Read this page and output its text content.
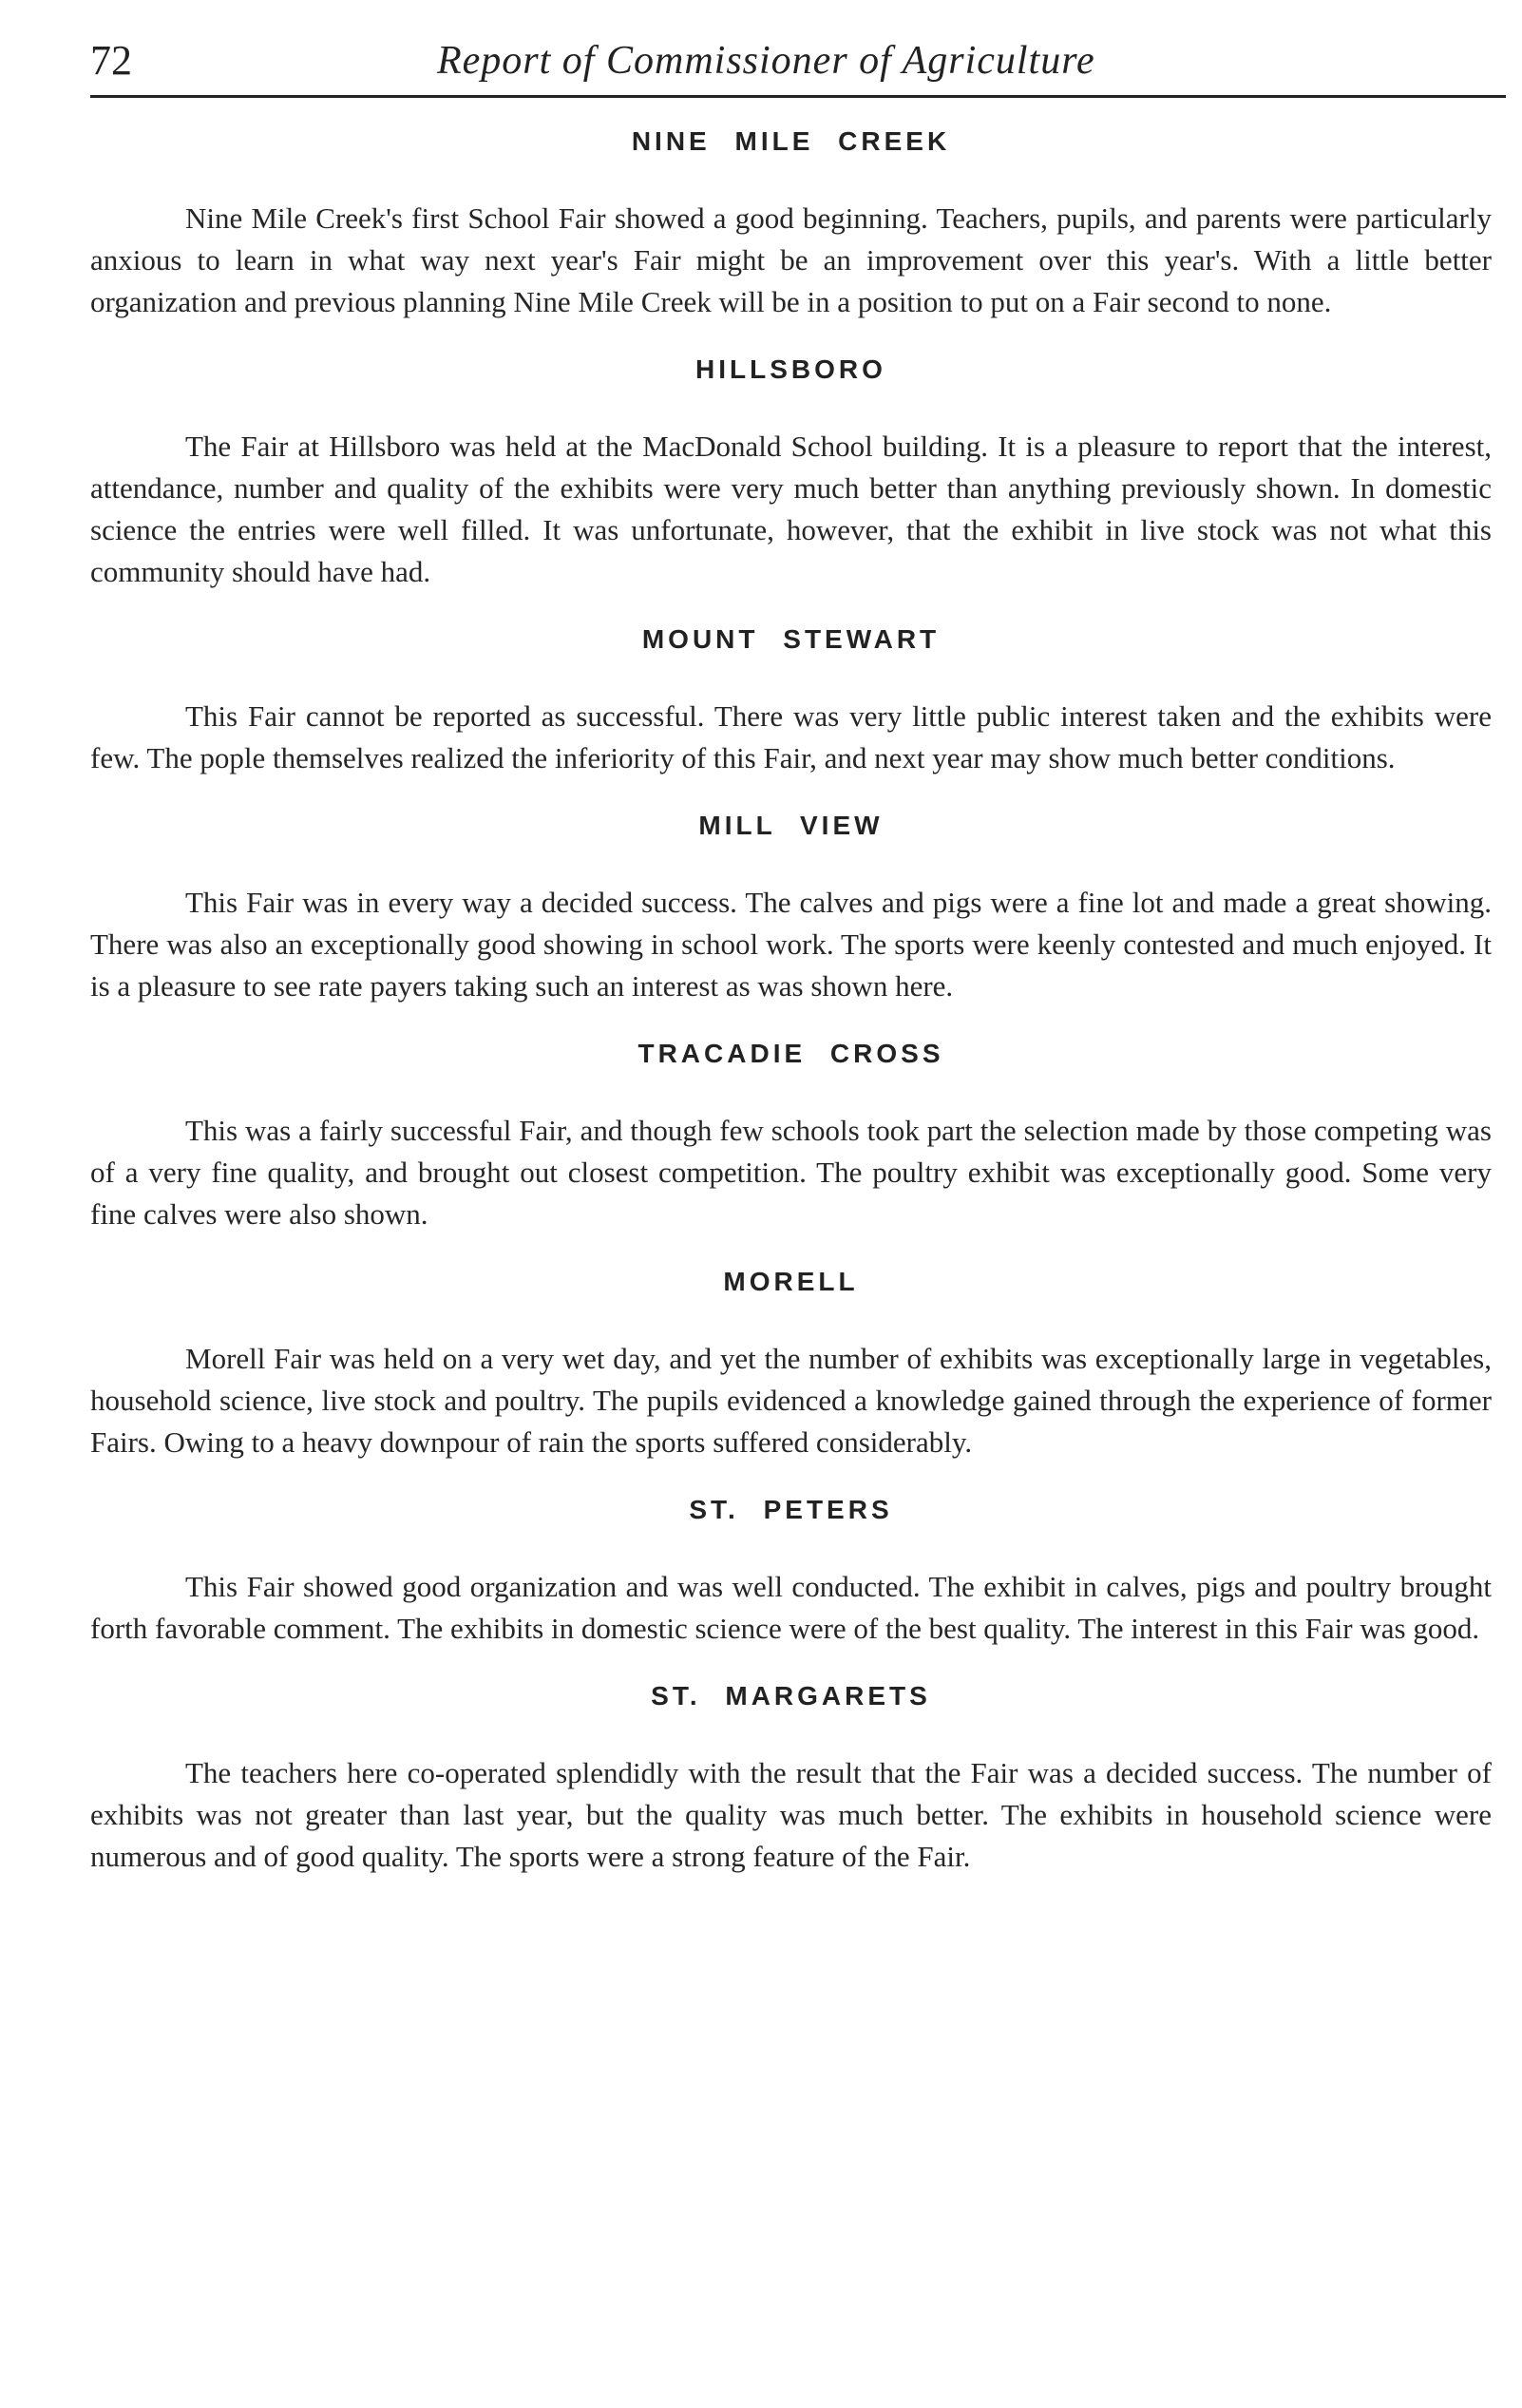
72	Report of Commissioner of Agriculture
NINE MILE CREEK

Nine Mile Creek's first School Fair showed a good beginning. Teachers, pupils, and parents were particularly anxious to learn in what way next year's Fair might be an improvement over this year's. With a little better organization and previous planning Nine Mile Creek will be in a position to put on a Fair second to none.

HILLSBORO

The Fair at Hillsboro was held at the MacDonald School building. It is a pleasure to report that the interest, attendance, number and quality of the exhibits were very much better than anything previously shown. In domestic science the entries were well filled. It was unfortunate, however, that the exhibit in live stock was not what this community should have had.

MOUNT STEWART

This Fair cannot be reported as successful. There was very little public interest taken and the exhibits were few. The pople themselves realized the inferiority of this Fair, and next year may show much better conditions.

MILL VIEW

This Fair was in every way a decided success. The calves and pigs were a fine lot and made a great showing. There was also an exceptionally good showing in school work. The sports were keenly contested and much enjoyed. It is a pleasure to see rate payers taking such an interest as was shown here.

TRACADIE CROSS

This was a fairly successful Fair, and though few schools took part the selection made by those competing was of a very fine quality, and brought out closest competition. The poultry exhibit was exceptionally good. Some very fine calves were also shown.

MORELL

Morell Fair was held on a very wet day, and yet the number of exhibits was exceptionally large in vegetables, household science, live stock and poultry. The pupils evidenced a knowledge gained through the experience of former Fairs. Owing to a heavy downpour of rain the sports suffered considerably.

ST. PETERS

This Fair showed good organization and was well conducted. The exhibit in calves, pigs and poultry brought forth favorable comment. The exhibits in domestic science were of the best quality. The interest in this Fair was good.

ST. MARGARETS

The teachers here co-operated splendidly with the result that the Fair was a decided success. The number of exhibits was not greater than last year, but the quality was much better. The exhibits in household science were numerous and of good quality. The sports were a strong feature of the Fair.
